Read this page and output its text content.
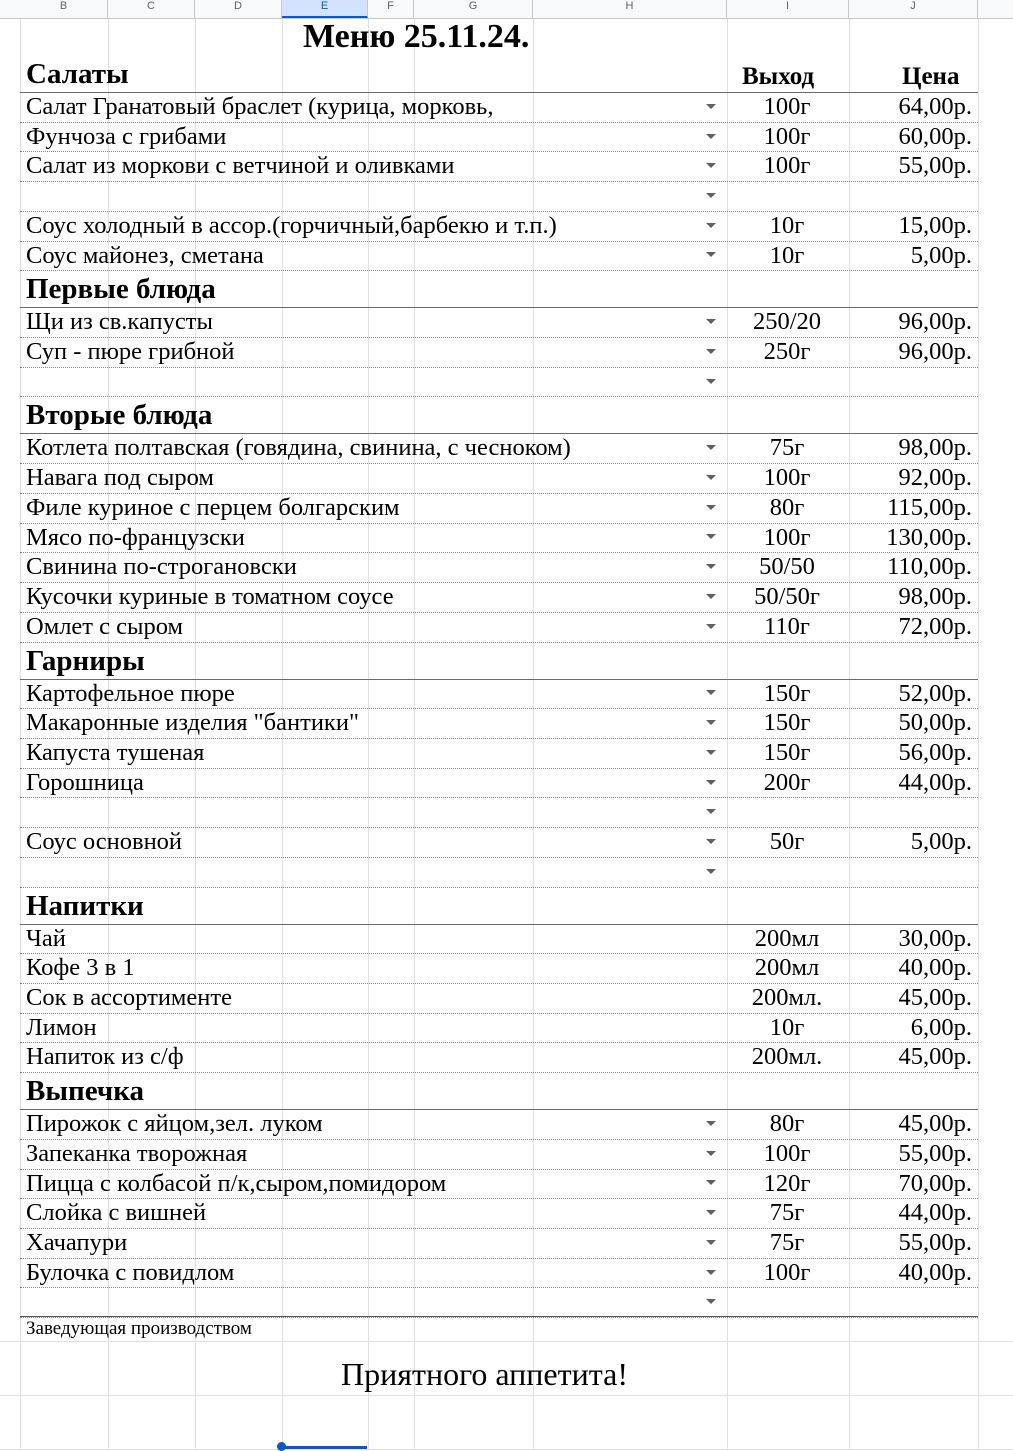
B	C	D	E	F	G	H	I	J
Меню 25.11.24.
Салаты	Выход	Цена
Салат Гранатовый браслет (курица, морковь,	100г	64,00р.
Фунчоза с грибами	100г	60,00р.
Салат из моркови с ветчиной и оливками	100г	55,00р.
Соус холодный в ассор.(горчичный,барбекю и т.п.)	10г	15,00р.
Соус майонез, сметана	10г	5,00р.
Первые блюда
Щи из св.капусты	250/20	96,00р.
Суп - пюре грибной	250г	96,00р.
Вторые блюда
Котлета полтавская (говядина, свинина, с чесноком)	75г	98,00р.
Навага под сыром	100г	92,00р.
Филе куриное с перцем болгарским	80г	115,00р.
Мясо по-французски	100г	130,00р.
Свинина по-строгановски	50/50	110,00р.
Кусочки куриные в томатном соусе	50/50г	98,00р.
Омлет с сыром	110г	72,00р.
Гарниры
Картофельное пюре	150г	52,00р.
Макаронные изделия "бантики"	150г	50,00р.
Капуста тушеная	150г	56,00р.
Горошница	200г	44,00р.
Соус основной	50г	5,00р.
Напитки
Чай	200мл	30,00р.
Кофе 3 в 1	200мл	40,00р.
Сок в ассортименте	200мл.	45,00р.
Лимон	10г	6,00р.
Напиток из с/ф	200мл.	45,00р.
Выпечка
Пирожок с яйцом,зел. луком	80г	45,00р.
Запеканка творожная	100г	55,00р.
Пицца с колбасой п/к,сыром,помидором	120г	70,00р.
Слойка с вишней	75г	44,00р.
Хачапури	75г	55,00р.
Булочка с повидлом	100г	40,00р.
Заведующая производством
Приятного аппетита!
